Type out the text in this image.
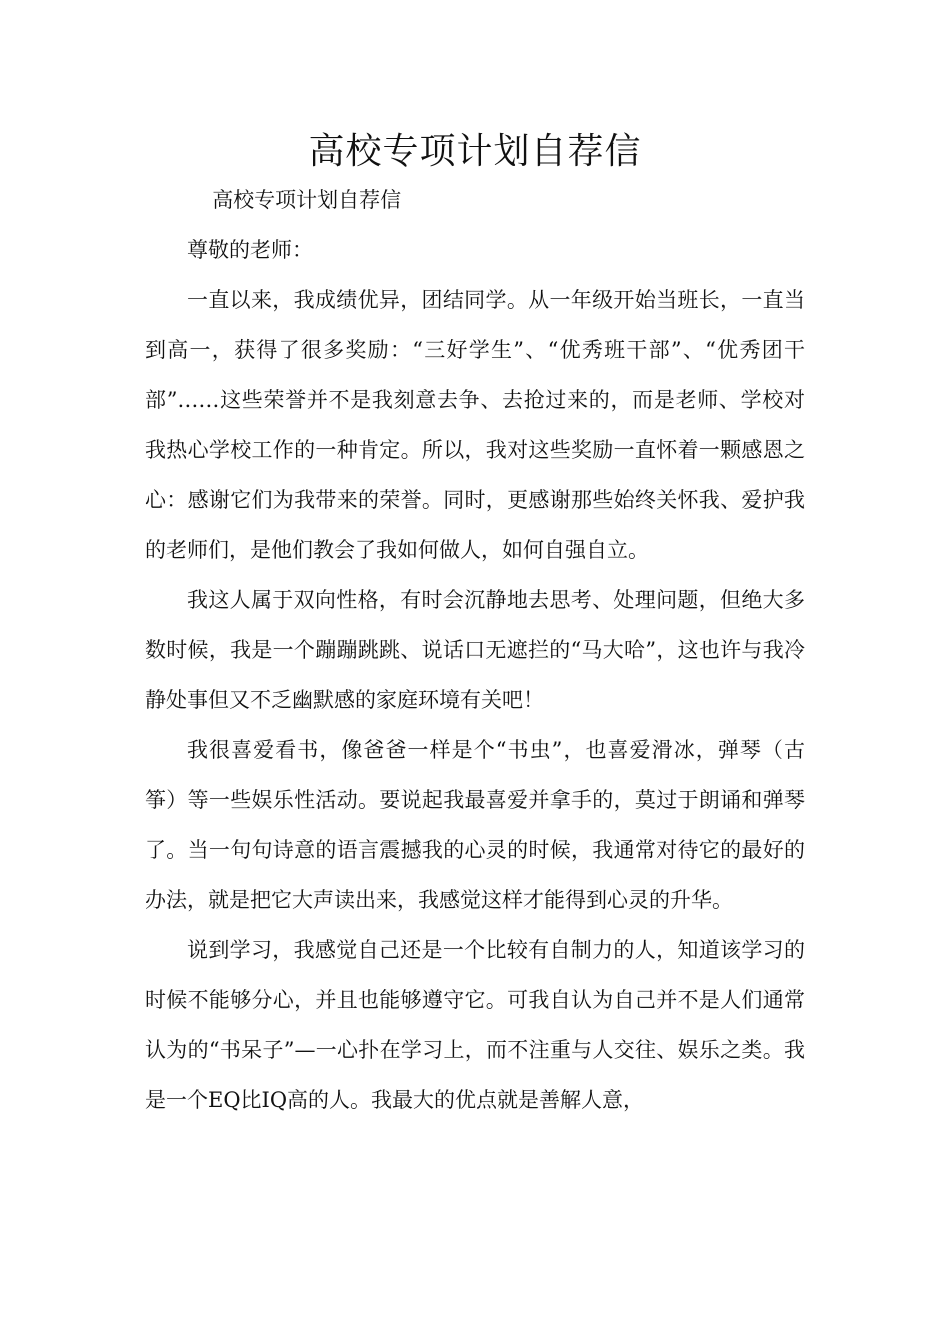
高校专项计划自荐信

高校专项计划自荐信

尊敬的老师：

一直以来，我成绩优异，团结同学。从一年级开始当班长，一直当到高一，获得了很多奖励：“三好学生”、“优秀班干部”、“优秀团干部”……这些荣誉并不是我刻意去争、去抢过来的，而是老师、学校对我热心学校工作的一种肯定。所以，我对这些奖励一直怀着一颗感恩之心：感谢它们为我带来的荣誉。同时，更感谢那些始终关怀我、爱护我的老师们，是他们教会了我如何做人，如何自强自立。

我这人属于双向性格，有时会沉静地去思考、处理问题，但绝大多数时候，我是一个蹦蹦跳跳、说话口无遮拦的“马大哈”，这也许与我冷静处事但又不乏幽默感的家庭环境有关吧！

我很喜爱看书，像爸爸一样是个“书虫”，也喜爱滑冰，弹琴（古筝）等一些娱乐性活动。要说起我最喜爱并拿手的，莫过于朗诵和弹琴了。当一句句诗意的语言震撼我的心灵的时候，我通常对待它的最好的办法，就是把它大声读出来，我感觉这样才能得到心灵的升华。

说到学习，我感觉自己还是一个比较有自制力的人，知道该学习的时候不能够分心，并且也能够遵守它。可我自认为自己并不是人们通常认为的“书呆子”—一心扑在学习上，而不注重与人交往、娱乐之类。我是一个EQ比IQ高的人。我最大的优点就是善解人意，
